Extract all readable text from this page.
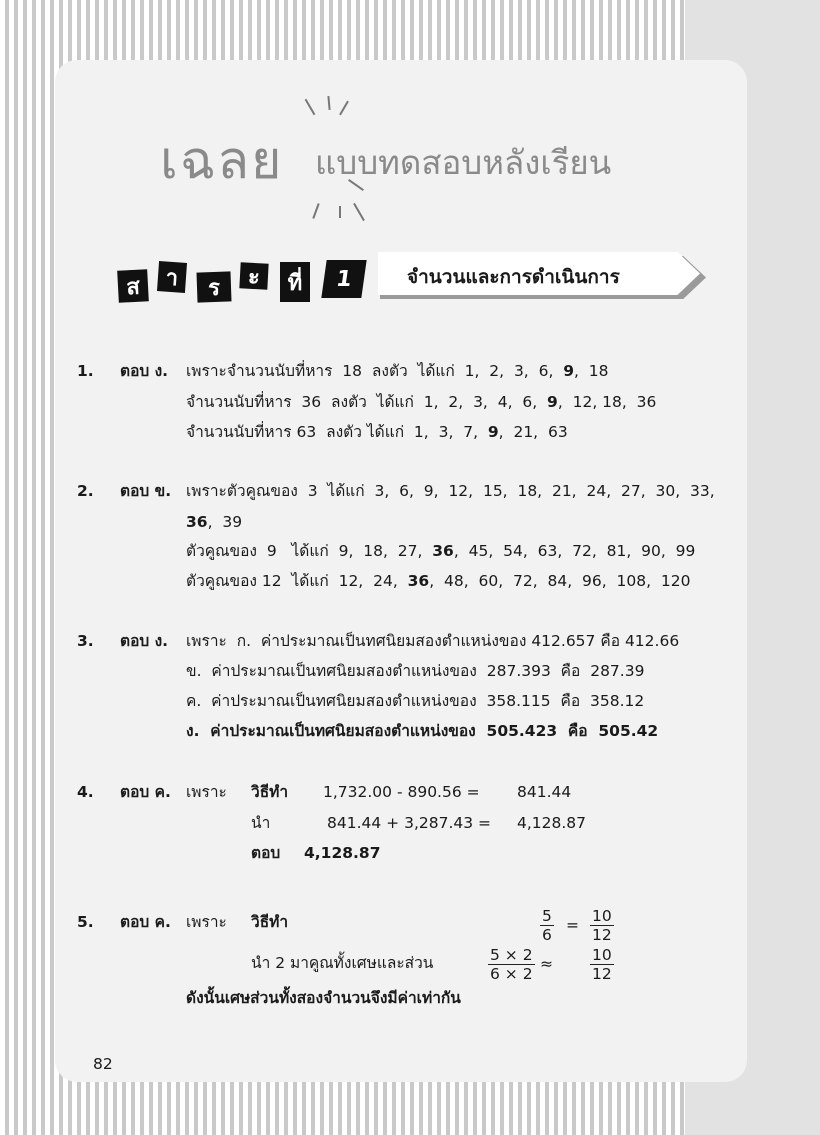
เฉลย แบบทดสอบหลังเรียน
ส	า	ร	ะ	ที่	1	จำนวนและการดำเนินการ
1. ตอบ ง. เพราะจำนวนนับที่หาร  18  ลงตัว  ได้แก่  1,  2,  3,  6,  9,  18
จำนวนนับที่หาร  36  ลงตัว  ได้แก่  1,  2,  3,  4,  6,  9,  12, 18,  36
จำนวนนับที่หาร 63  ลงตัว ได้แก่  1,  3,  7,  9,  21,  63
2. ตอบ ข. เพราะตัวคูณของ  3  ได้แก่  3,  6,  9,  12,  15,  18,  21,  24,  27,  30,  33,
36,  39
ตัวคูณของ  9   ได้แก่  9,  18,  27,  36,  45,  54,  63,  72,  81,  90,  99
ตัวคูณของ 12  ได้แก่  12,  24,  36,  48,  60,  72,  84,  96,  108,  120
3. ตอบ ง. เพราะ  ก.  ค่าประมาณเป็นทศนิยมสองตำแหน่งของ 412.657 คือ 412.66
ข.  ค่าประมาณเป็นทศนิยมสองตำแหน่งของ  287.393  คือ  287.39
ค.  ค่าประมาณเป็นทศนิยมสองตำแหน่งของ  358.115  คือ  358.12
ง.  ค่าประมาณเป็นทศนิยมสองตำแหน่งของ  505.423  คือ  505.42
4. ตอบ ค. เพราะ วิธีทำ 1,732.00 - 890.56 = 841.44
นำ	841.44 + 3,287.43 = 4,128.87
ตอบ 4,128.87
5. ตอบ ค. เพราะ วิธีทำ	$\frac{5}{6} = \frac{10}{12}$
นำ 2 มาคูณทั้งเศษและส่วน	$\frac{5 \times 2}{6 \times 2} \approx \frac{10}{12}$
ดังนั้นเศษส่วนทั้งสองจำนวนจึงมีค่าเท่ากัน
82
